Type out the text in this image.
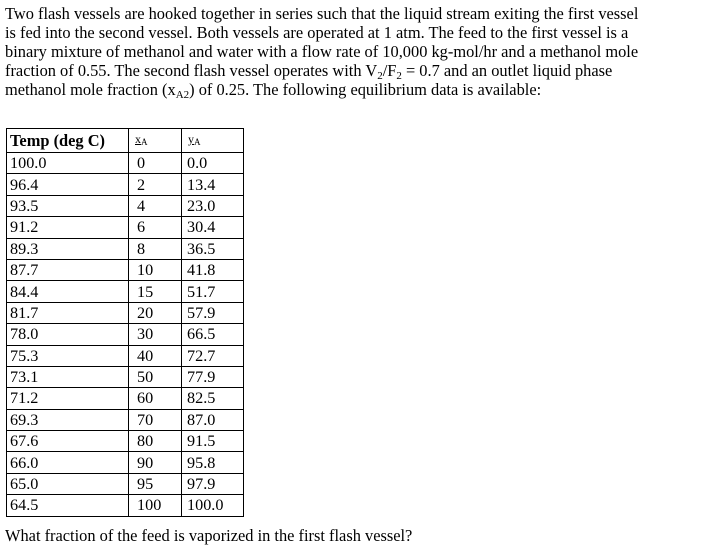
Two flash vessels are hooked together in series such that the liquid stream exiting the first vessel
is fed into the second vessel. Both vessels are operated at 1 atm. The feed to the first vessel is a
binary mixture of methanol and water with a flow rate of 10,000 kg-mol/hr and a methanol mole
fraction of 0.55. The second flash vessel operates with $V_2/F_2 = 0.7$ and an outlet liquid phase
methanol mole fraction $(x_{A2})$ of 0.25. The following equilibrium data is available:
Temp (deg C)	$x_A$	$y_A$
100.0	0	0.0
96.4	2	13.4
93.5	4	23.0
91.2	6	30.4
89.3	8	36.5
87.7	10	41.8
84.4	15	51.7
81.7	20	57.9
78.0	30	66.5
75.3	40	72.7
73.1	50	77.9
71.2	60	82.5
69.3	70	87.0
67.6	80	91.5
66.0	90	95.8
65.0	95	97.9
64.5	100	100.0

What fraction of the feed is vaporized in the first flash vessel?
